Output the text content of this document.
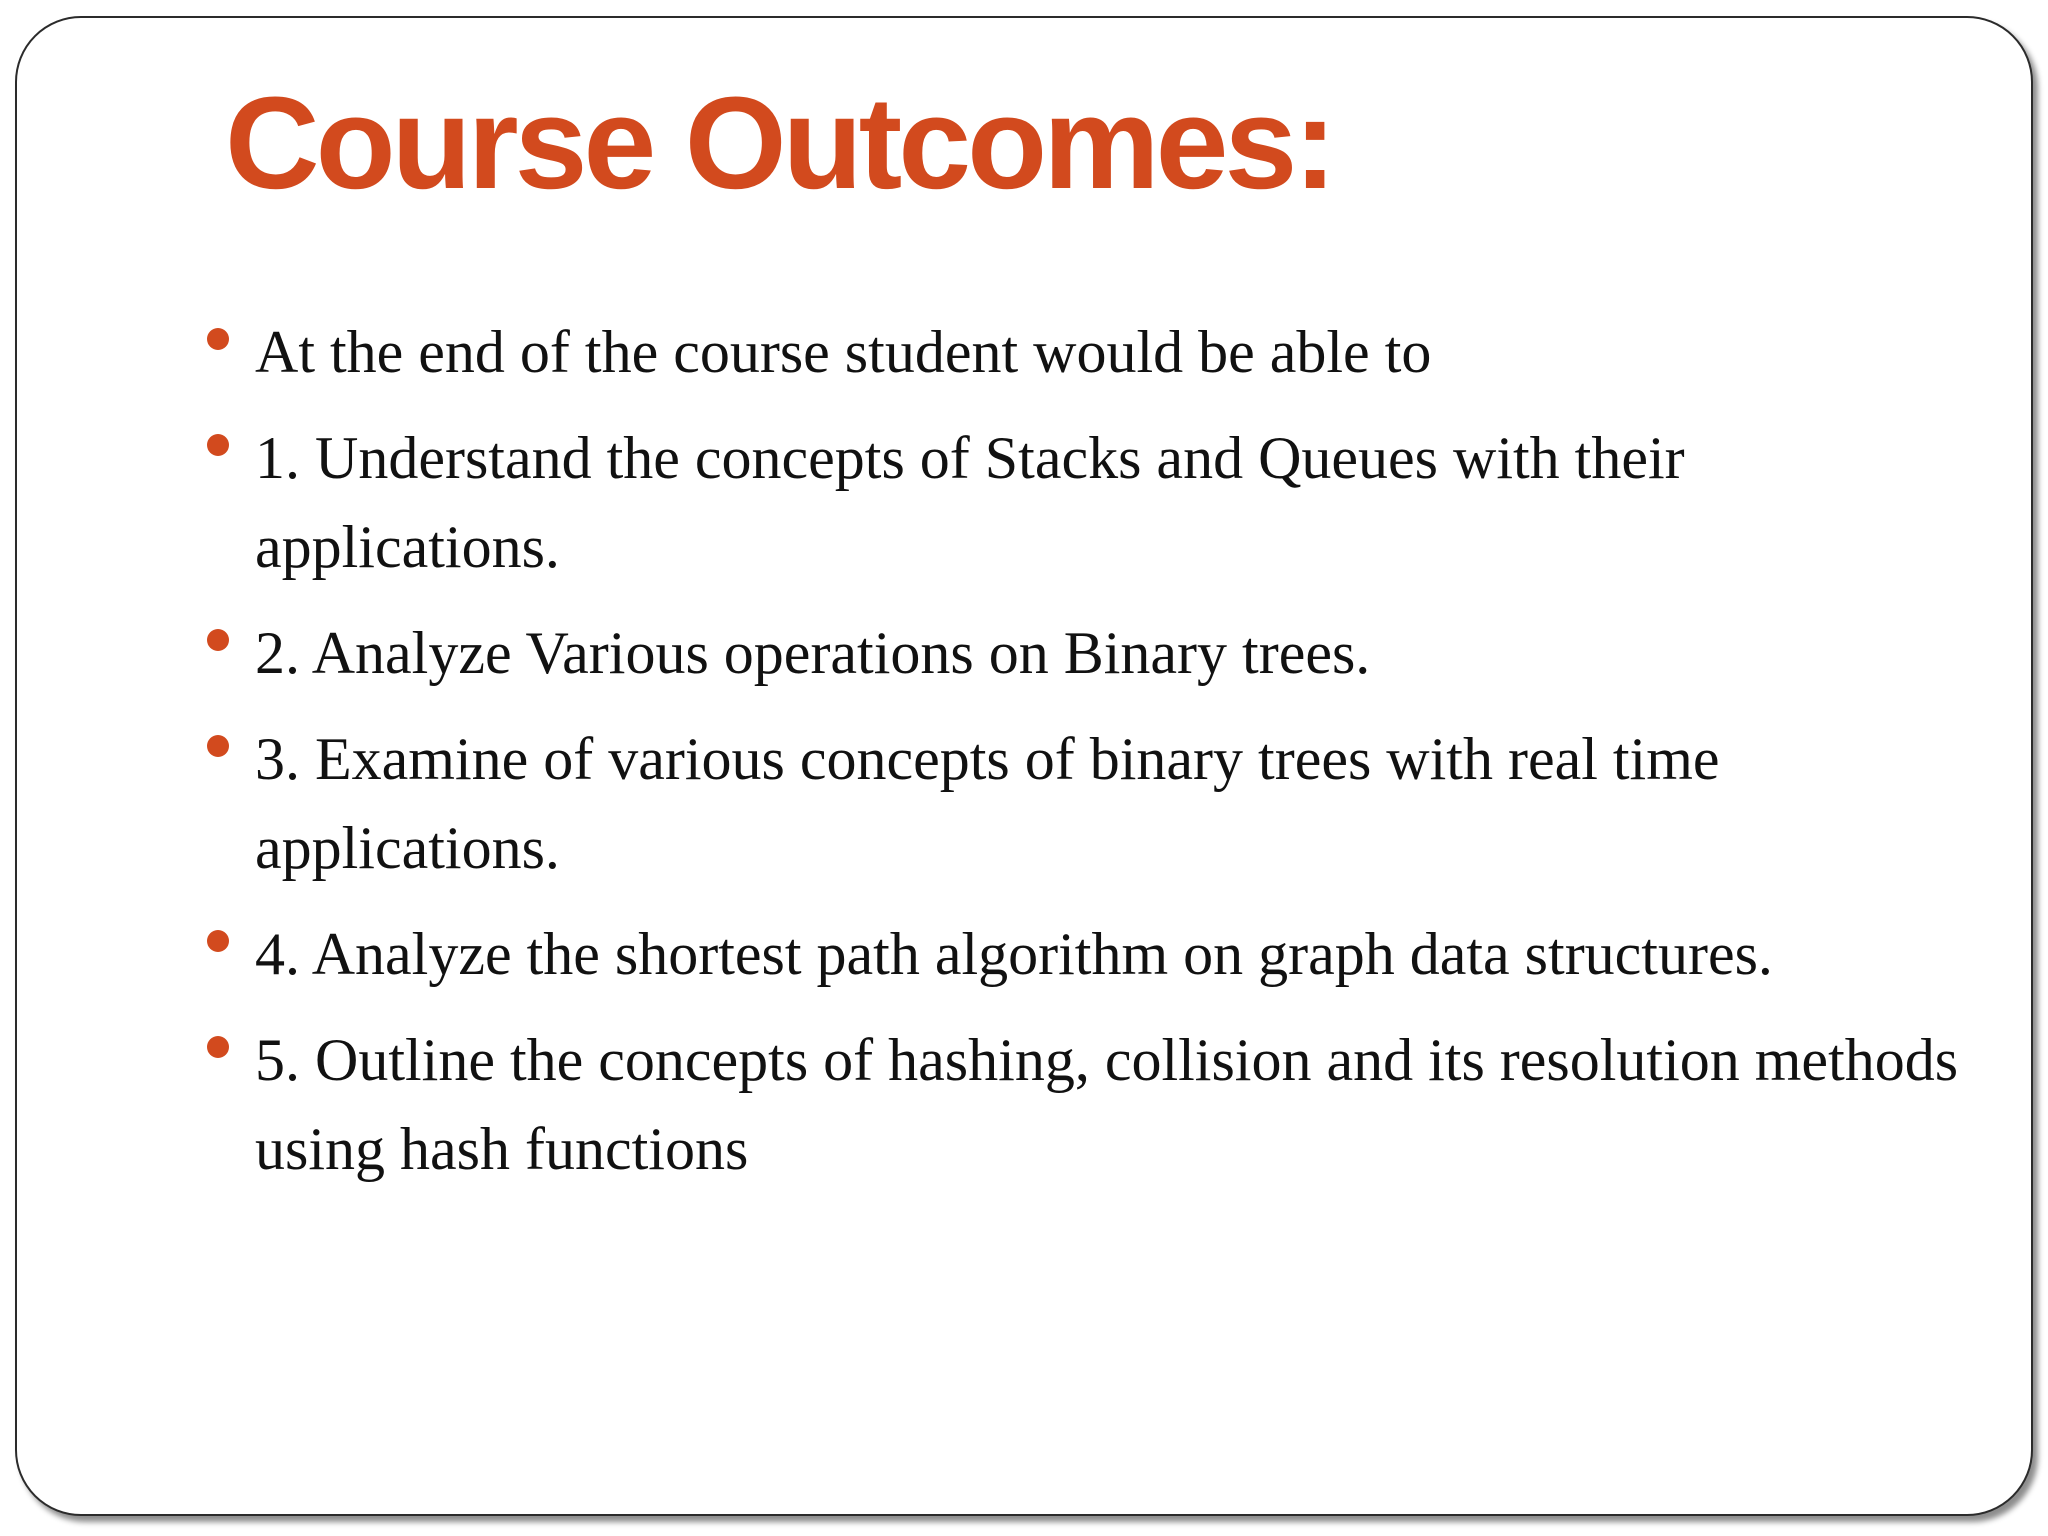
Course Outcomes:
At the end of the course student would be able to
1. Understand the concepts of Stacks and Queues with their applications.
2. Analyze Various operations on Binary trees.
3. Examine of various concepts of binary trees with real time applications.
4. Analyze the shortest path algorithm on graph data structures.
5. Outline the concepts of hashing, collision and its resolution methods using hash functions
